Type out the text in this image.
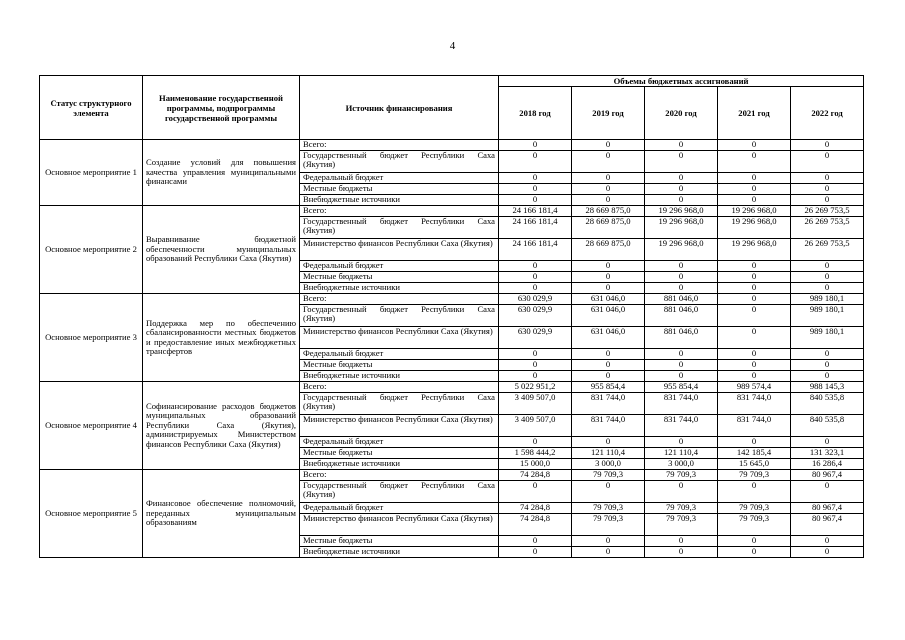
4
Статус структурного элемента	Наименование государственной программы, подпрограммы государственной программы	Источник финансирования	Объемы бюджетных ассигнований				
			2018 год	2019 год	2020 год	2021 год	2022 год
Основное мероприятие 1	Создание условий для повышения качества управления муниципальными финансами	Всего:	0	0	0	0	0
		Государственный бюджет Республики Саха (Якутия)	0	0	0	0	0
		Федеральный бюджет	0	0	0	0	0
		Местные бюджеты	0	0	0	0	0
		Внебюджетные источники	0	0	0	0	0
Основное мероприятие 2	Выравнивание бюджетной обеспеченности муниципальных образований Республики Саха (Якутия)	Всего:	24 166 181,4	28 669 875,0	19 296 968,0	19 296 968,0	26 269 753,5
		Государственный бюджет Республики Саха (Якутия)	24 166 181,4	28 669 875,0	19 296 968,0	19 296 968,0	26 269 753,5
		Министерство финансов Республики Саха (Якутия)	24 166 181,4	28 669 875,0	19 296 968,0	19 296 968,0	26 269 753,5
		Федеральный бюджет	0	0	0	0	0
		Местные бюджеты	0	0	0	0	0
		Внебюджетные источники	0	0	0	0	0
Основное мероприятие 3	Поддержка мер по обеспечению сбалансированности местных бюджетов и предоставление иных межбюджетных трансфертов	Всего:	630 029,9	631 046,0	881 046,0	0	989 180,1
		Государственный бюджет Республики Саха (Якутия)	630 029,9	631 046,0	881 046,0	0	989 180,1
		Министерство финансов Республики Саха (Якутия)	630 029,9	631 046,0	881 046,0	0	989 180,1
		Федеральный бюджет	0	0	0	0	0
		Местные бюджеты	0	0	0	0	0
		Внебюджетные источники	0	0	0	0	0
Основное мероприятие 4	Софинансирование расходов бюджетов муниципальных образований Республики Саха (Якутия), администрируемых Министерством финансов Республики Саха (Якутия)	Всего:	5 022 951,2	955 854,4	955 854,4	989 574,4	988 145,3
		Государственный бюджет Республики Саха (Якутия)	3 409 507,0	831 744,0	831 744,0	831 744,0	840 535,8
		Министерство финансов Республики Саха (Якутия)	3 409 507,0	831 744,0	831 744,0	831 744,0	840 535,8
		Федеральный бюджет	0	0	0	0	0
		Местные бюджеты	1 598 444,2	121 110,4	121 110,4	142 185,4	131 323,1
		Внебюджетные источники	15 000,0	3 000,0	3 000,0	15 645,0	16 286,4
Основное мероприятие 5	Финансовое обеспечение полномочий, переданных муниципальным образованиям	Всего:	74 284,8	79 709,3	79 709,3	79 709,3	80 967,4
		Государственный бюджет Республики Саха (Якутия)	0	0	0	0	0
		Федеральный бюджет	74 284,8	79 709,3	79 709,3	79 709,3	80 967,4
		Министерство финансов Республики Саха (Якутия)	74 284,8	79 709,3	79 709,3	79 709,3	80 967,4
		Местные бюджеты	0	0	0	0	0
		Внебюджетные источники	0	0	0	0	0
